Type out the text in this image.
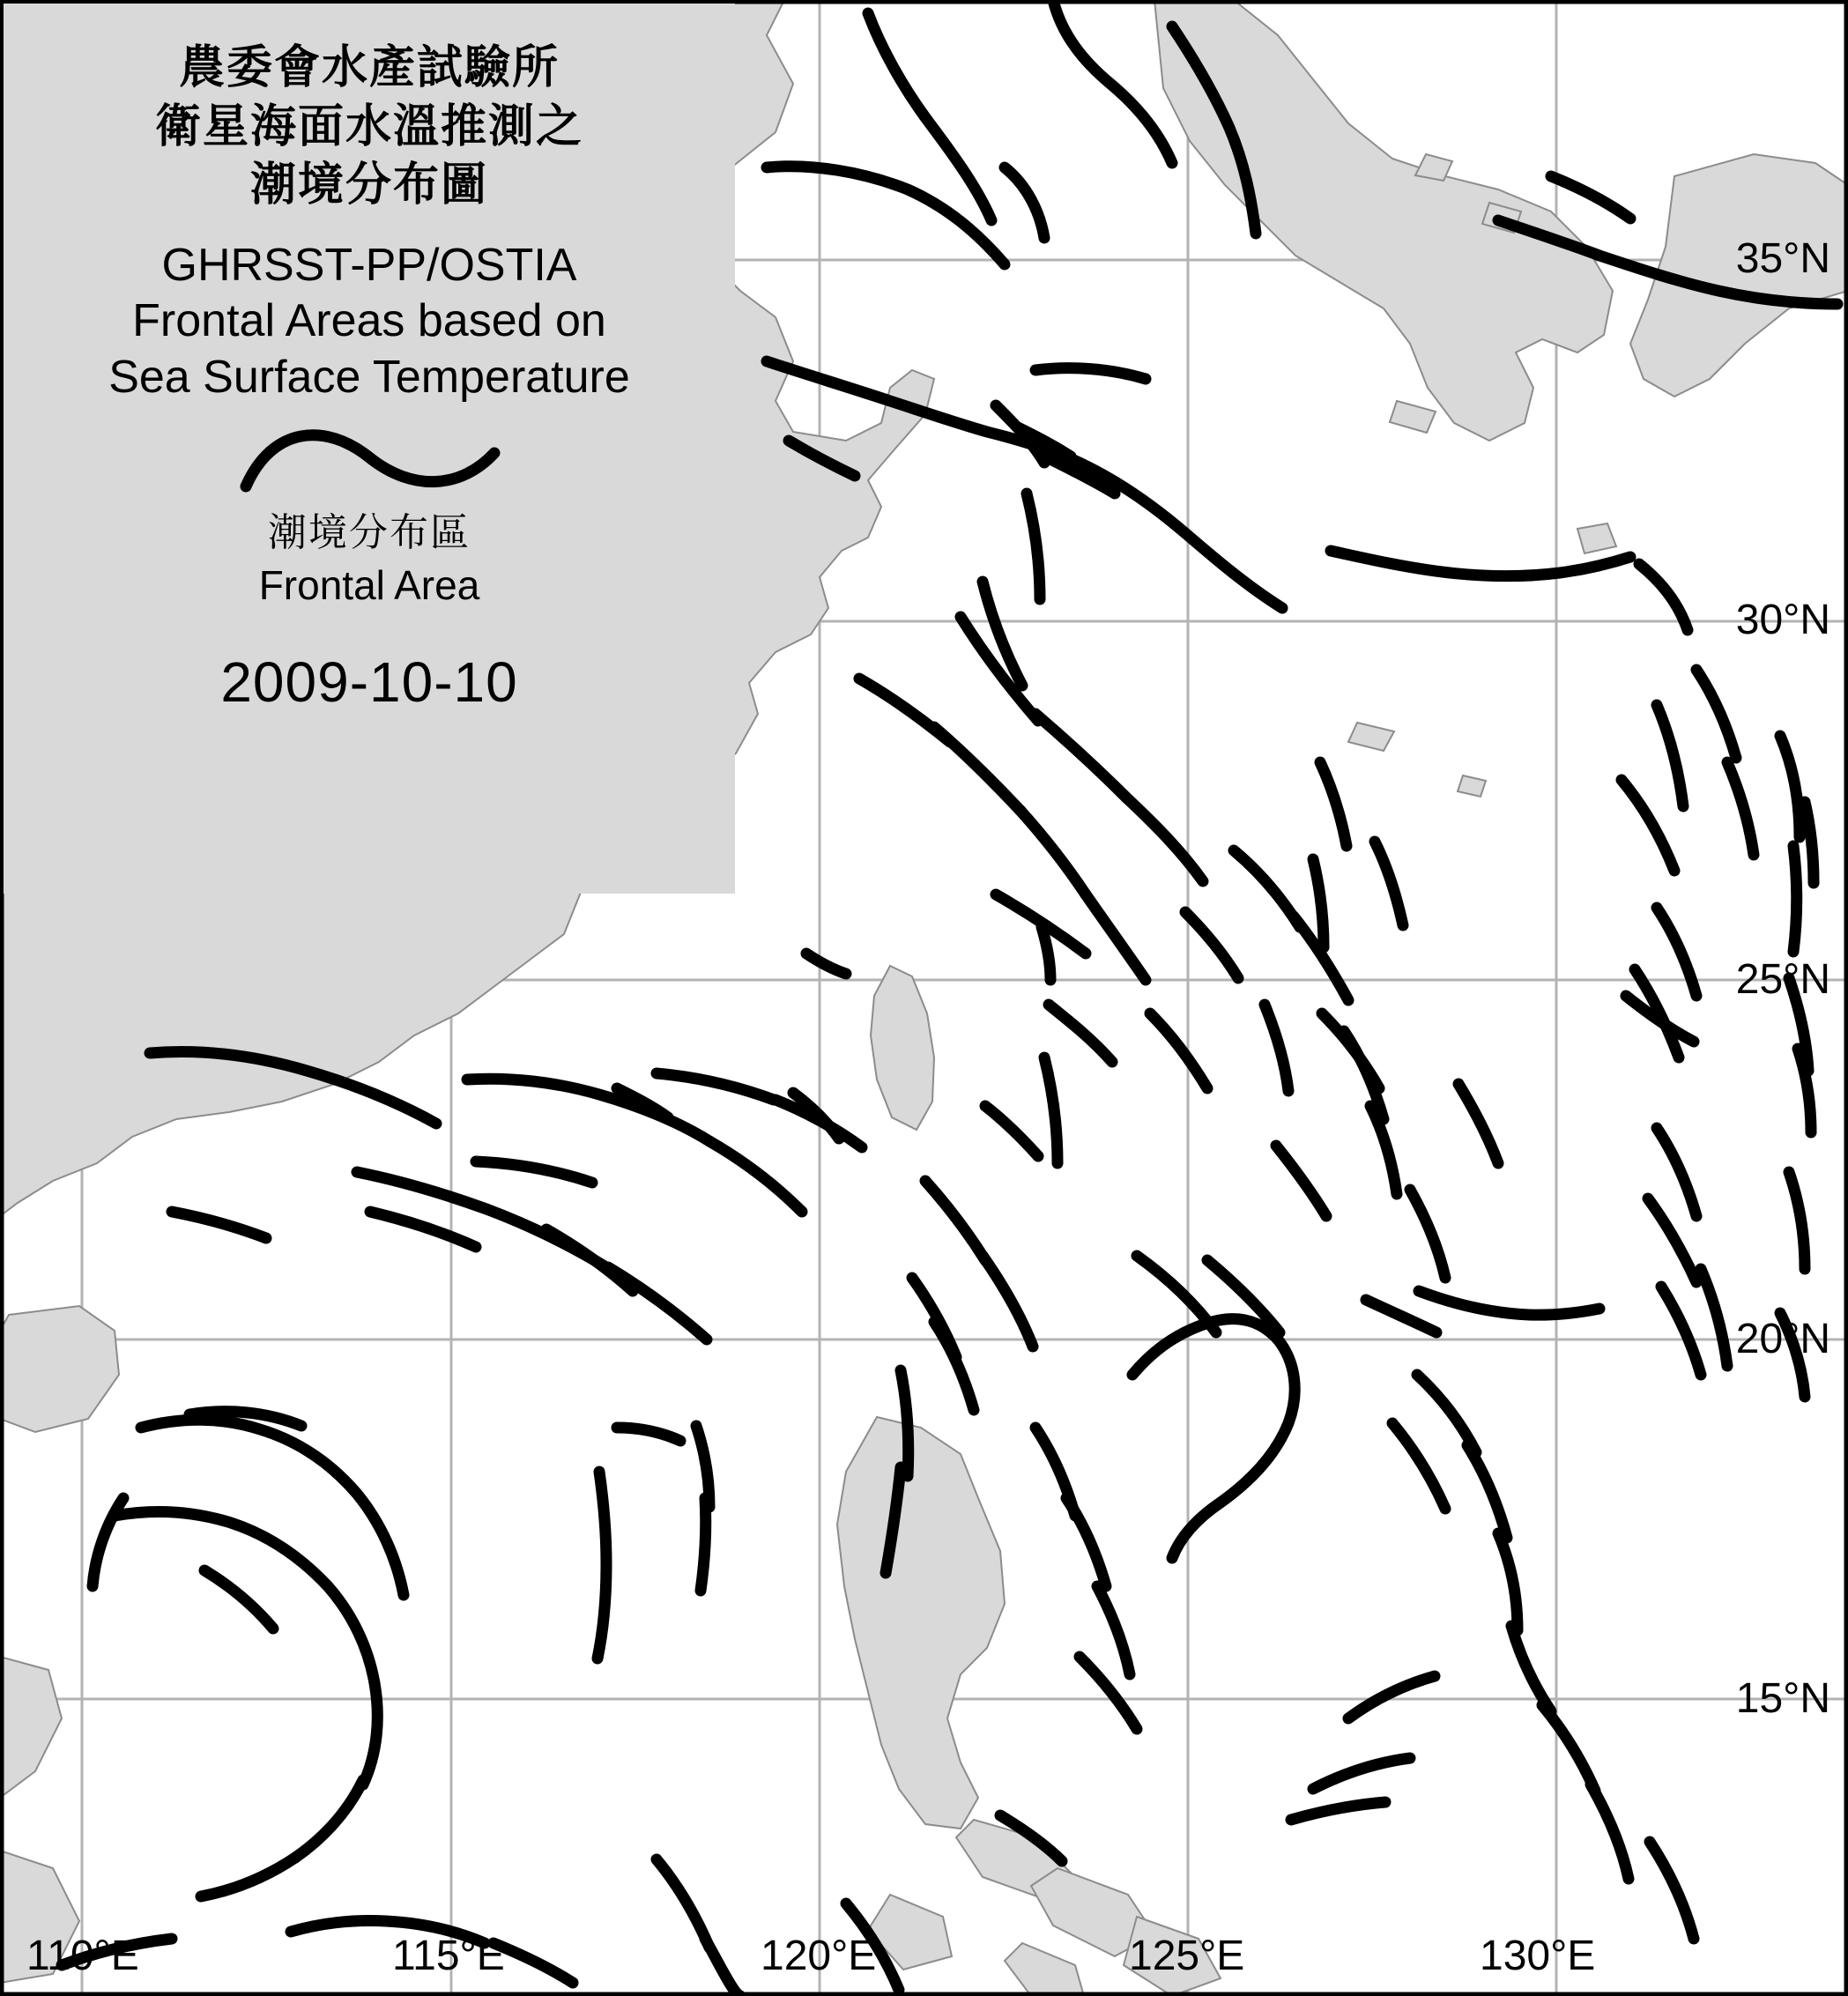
農委會水產試驗所
衛星海面水溫推測之
潮境分布圖
GHRSST-PP/OSTIA
Frontal Areas based on
Sea Surface Temperature
潮境分布區
Frontal Area
2009-10-10
35°N
30°N
25°N
20°N
15°N
110°E	115°E	120°E	125°E	130°E
